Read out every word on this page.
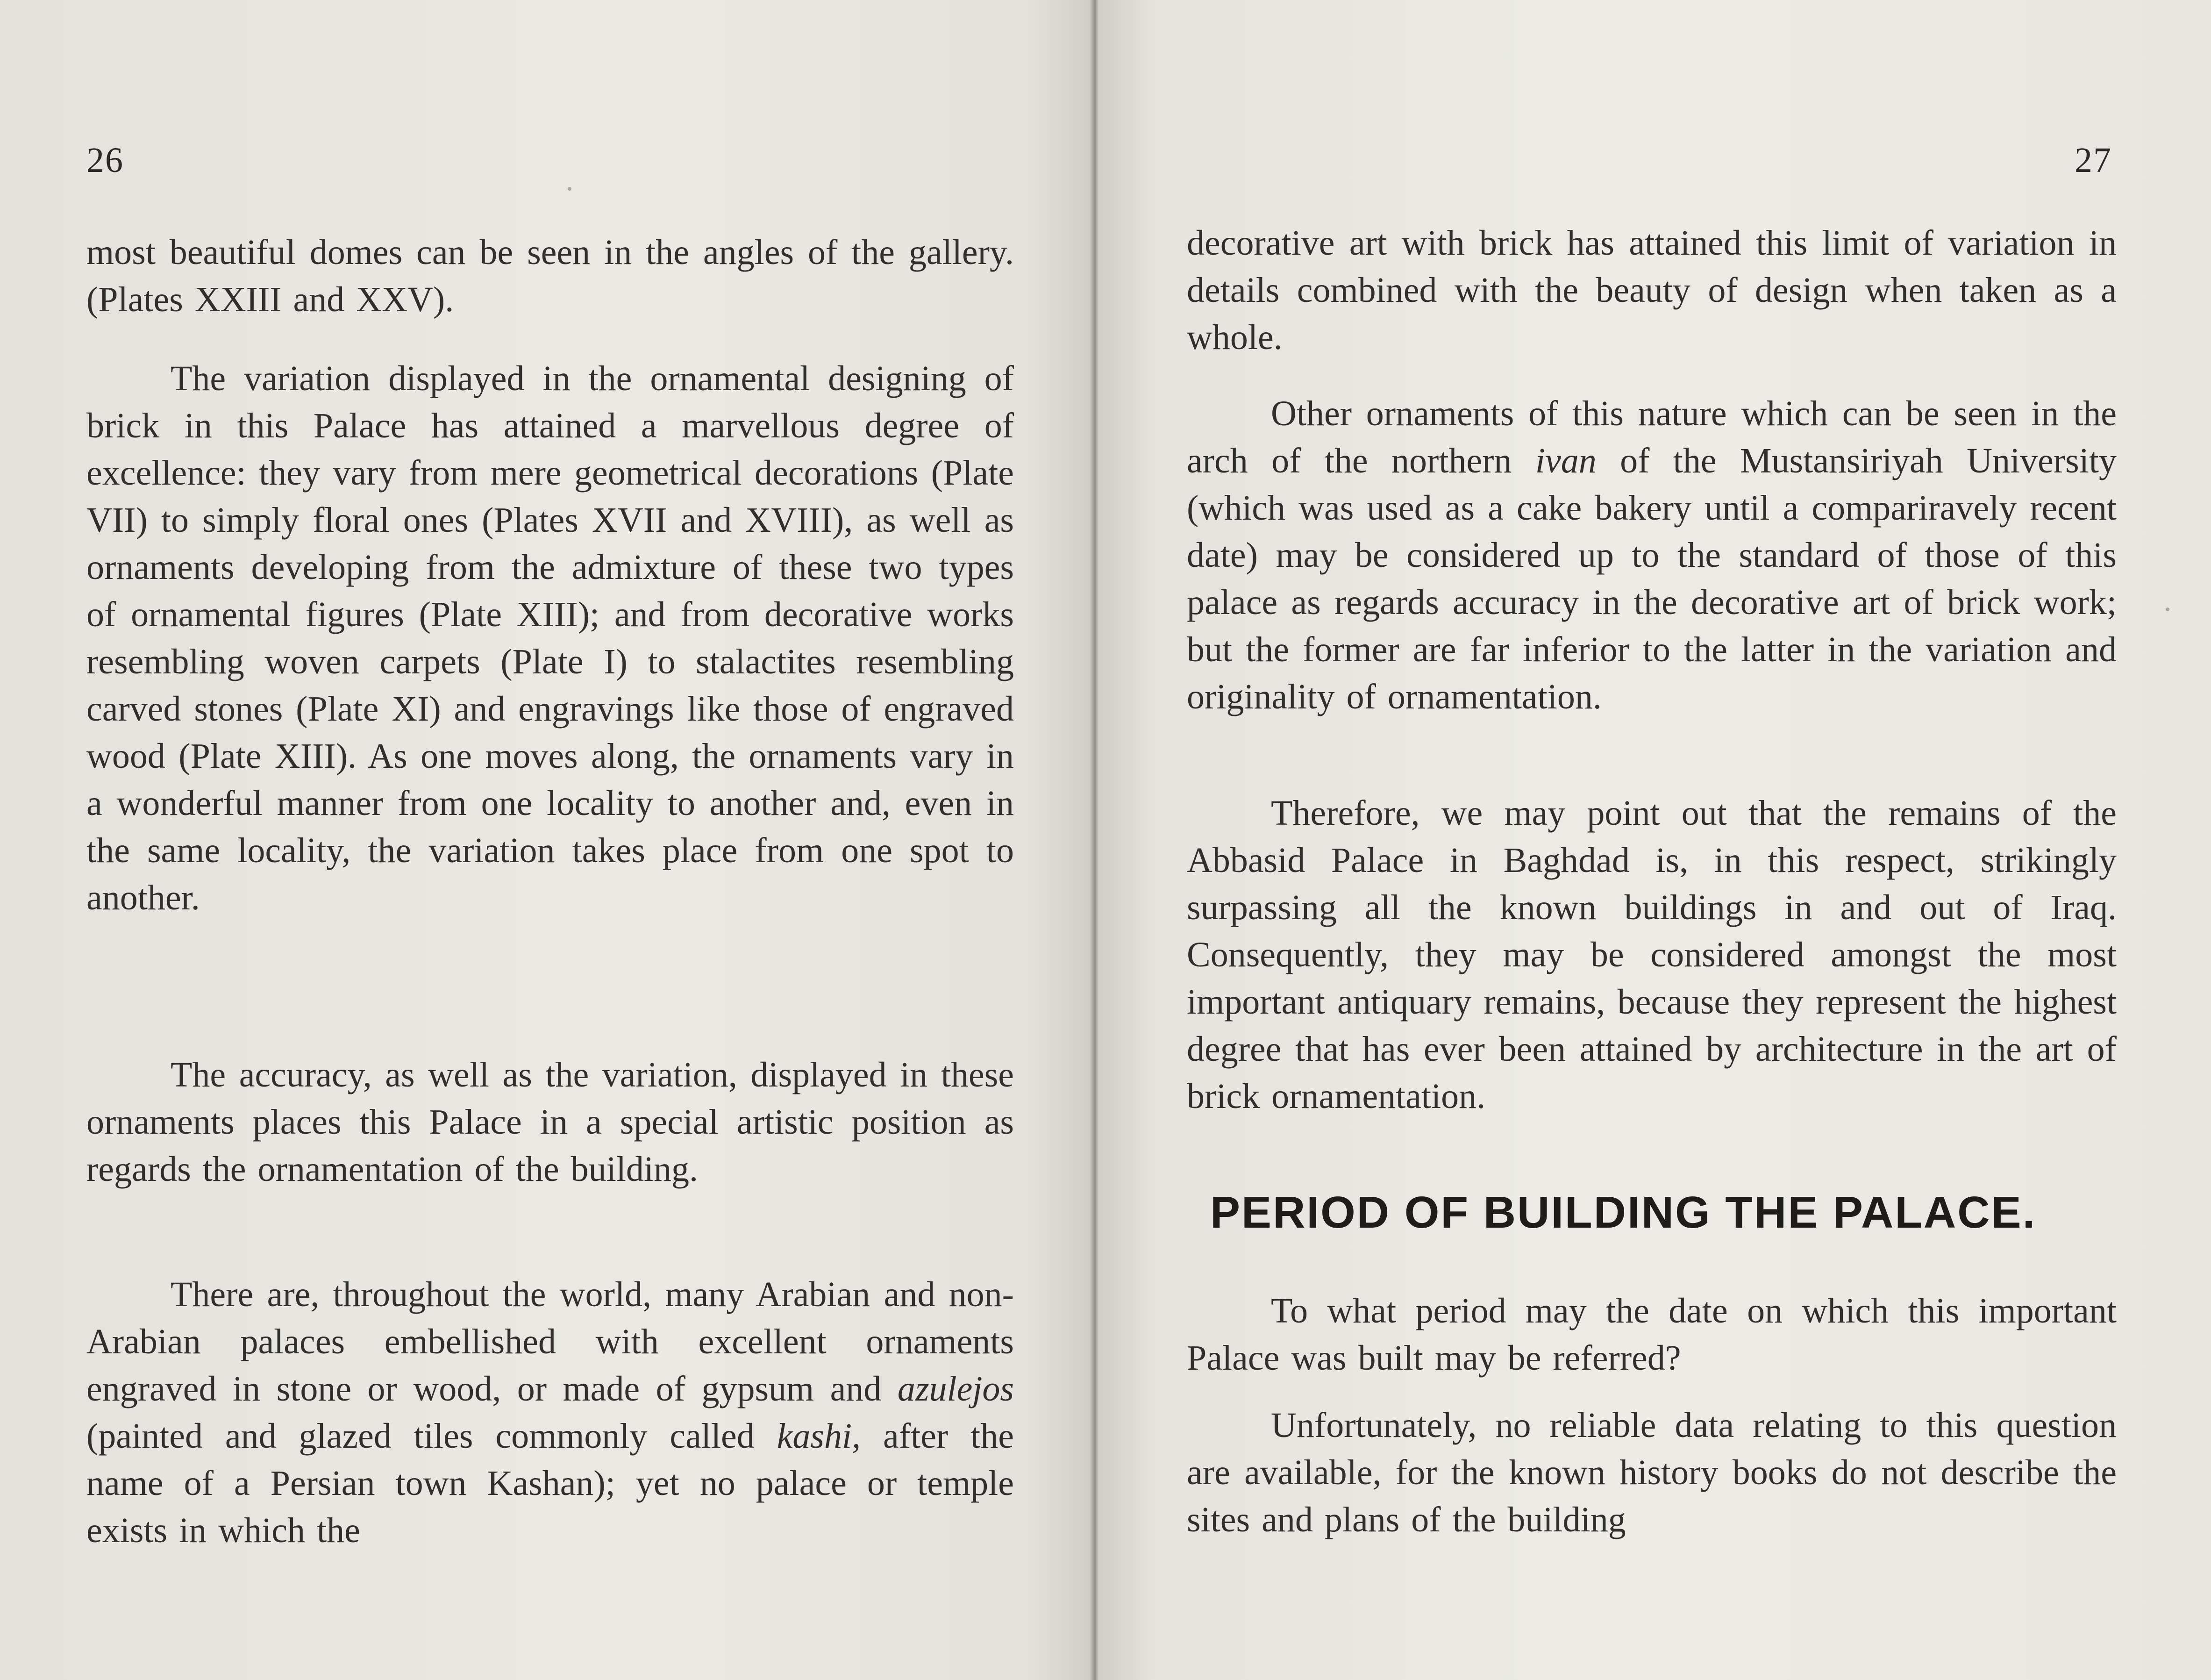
26

most beautiful domes can be seen in the angles of the gallery. (Plates XXIII and XXV).

The variation displayed in the ornamental designing of brick in this Palace has attained a marvellous degree of excellence: they vary from mere geometrical decorations (Plate VII) to simply floral ones (Plates XVII and XVIII), as well as ornaments developing from the admixture of these two types of ornamental figures (Plate XIII); and from decorative works resembling woven carpets (Plate I) to stalactites resembling carved stones (Plate XI) and engravings like those of engraved wood (Plate XIII). As one moves along, the ornaments vary in a wonderful manner from one locality to another and, even in the same locality, the variation takes place from one spot to another.

The accuracy, as well as the variation, displayed in these ornaments places this Palace in a special artistic position as regards the ornamentation of the building.

There are, throughout the world, many Arabian and non-Arabian palaces embellished with excellent ornaments engraved in stone or wood, or made of gypsum and azulejos (painted and glazed tiles commonly called kashi, after the name of a Persian town Kashan); yet no palace or temple exists in which the

27

decorative art with brick has attained this limit of variation in details combined with the beauty of design when taken as a whole.

Other ornaments of this nature which can be seen in the arch of the northern ivan of the Mustansiriyah University (which was used as a cake bakery until a compariravely recent date) may be considered up to the standard of those of this palace as regards accuracy in the decorative art of brick work; but the former are far inferior to the latter in the variation and originality of ornamentation.

Therefore, we may point out that the remains of the Abbasid Palace in Baghdad is, in this respect, strikingly surpassing all the known buildings in and out of Iraq. Consequently, they may be considered amongst the most important antiquary remains, because they represent the highest degree that has ever been attained by architecture in the art of brick ornamentation.

PERIOD OF BUILDING THE PALACE.

To what period may the date on which this important Palace was built may be referred?

Unfortunately, no reliable data relating to this question are available, for the known history books do not describe the sites and plans of the building
